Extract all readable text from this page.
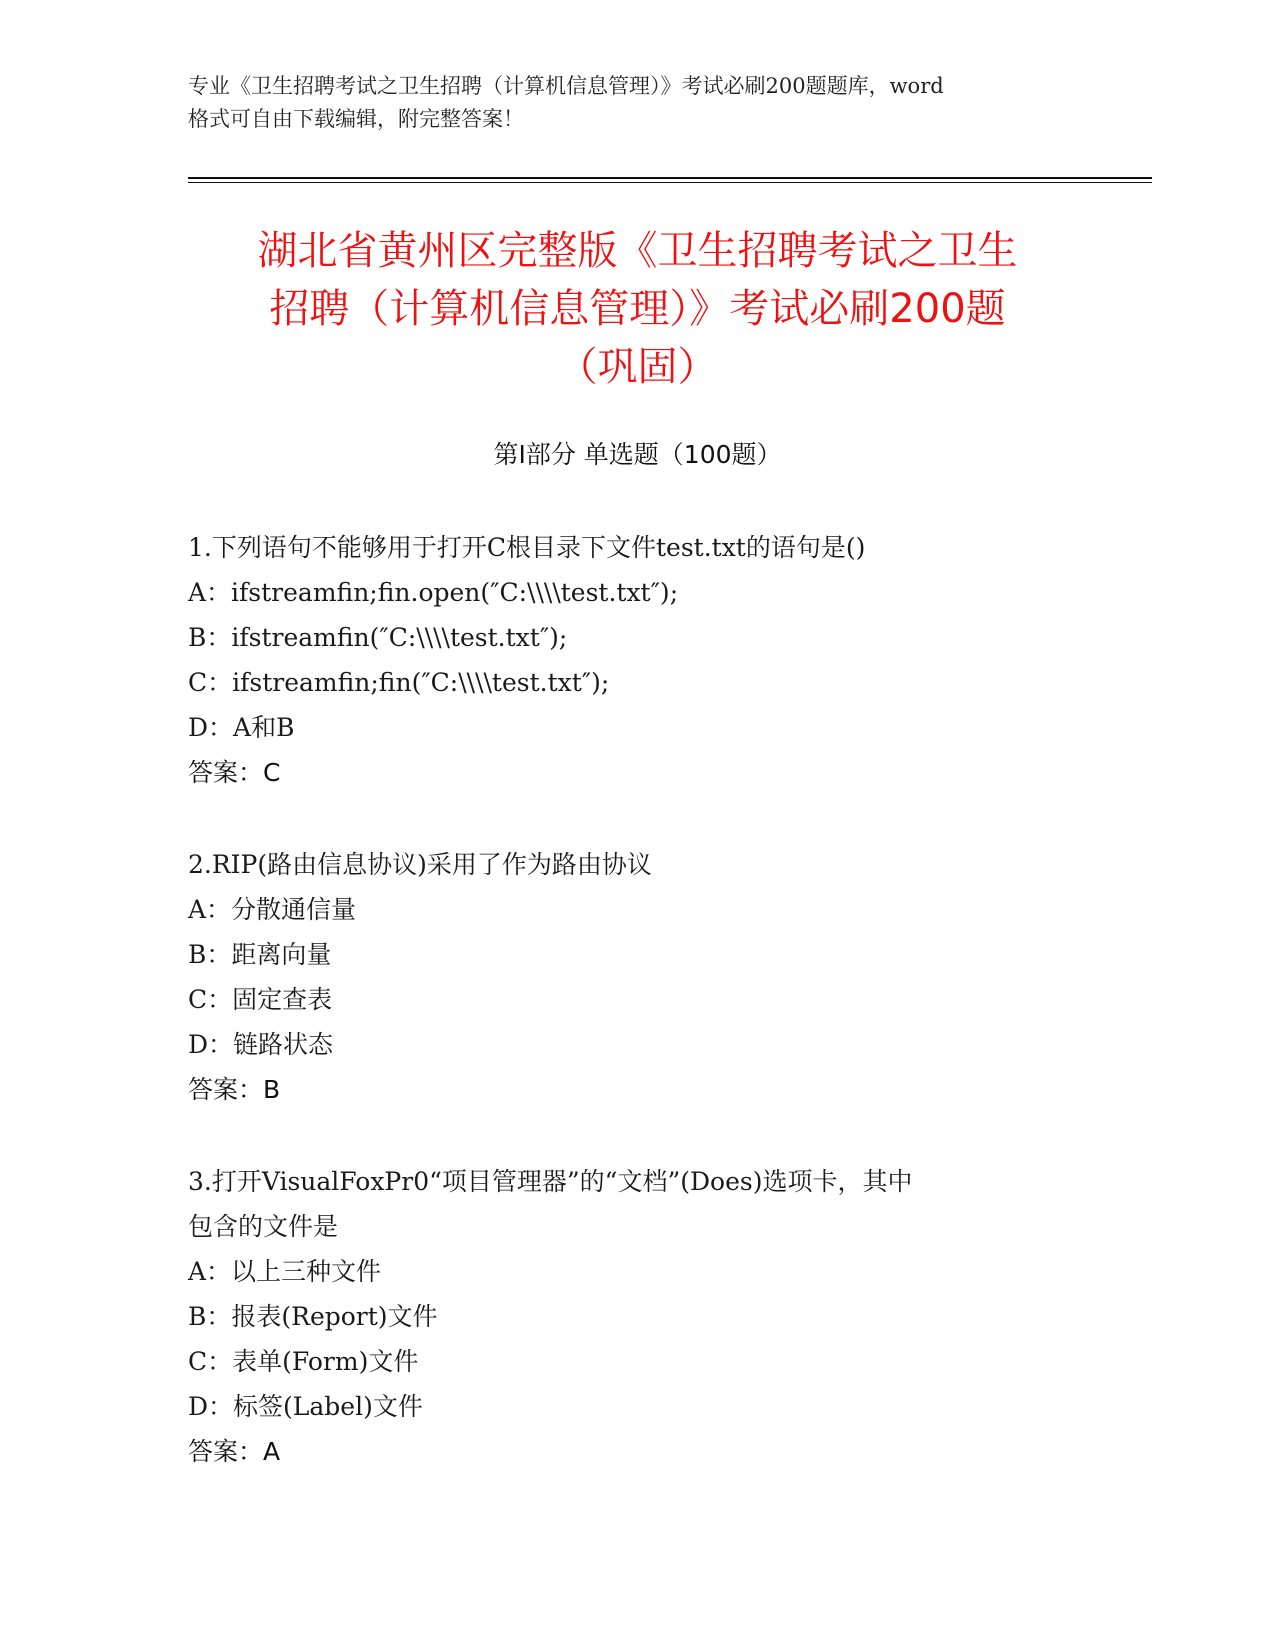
专业《卫生招聘考试之卫生招聘（计算机信息管理）》考试必刷200题题库，word
格式可自由下载编辑，附完整答案！
湖北省黄州区完整版《卫生招聘考试之卫生
招聘（计算机信息管理）》考试必刷200题
（巩固）
第Ⅰ部分 单选题（100题）
1.下列语句不能够用于打开C根目录下文件test.txt的语句是()
A：ifstreamfin;fin.open(″C:\\\\test.txt″);
B：ifstreamfin(″C:\\\\test.txt″);
C：ifstreamfin;fin(″C:\\\\test.txt″);
D：A和B
答案：C
2.RIP(路由信息协议)采用了作为路由协议
A：分散通信量
B：距离向量
C：固定查表
D：链路状态
答案：B
3.打开VisualFoxPr0“项目管理器”的“文档”(Does)选项卡，其中
包含的文件是
A：以上三种文件
B：报表(Report)文件
C：表单(Form)文件
D：标签(Label)文件
答案：A
